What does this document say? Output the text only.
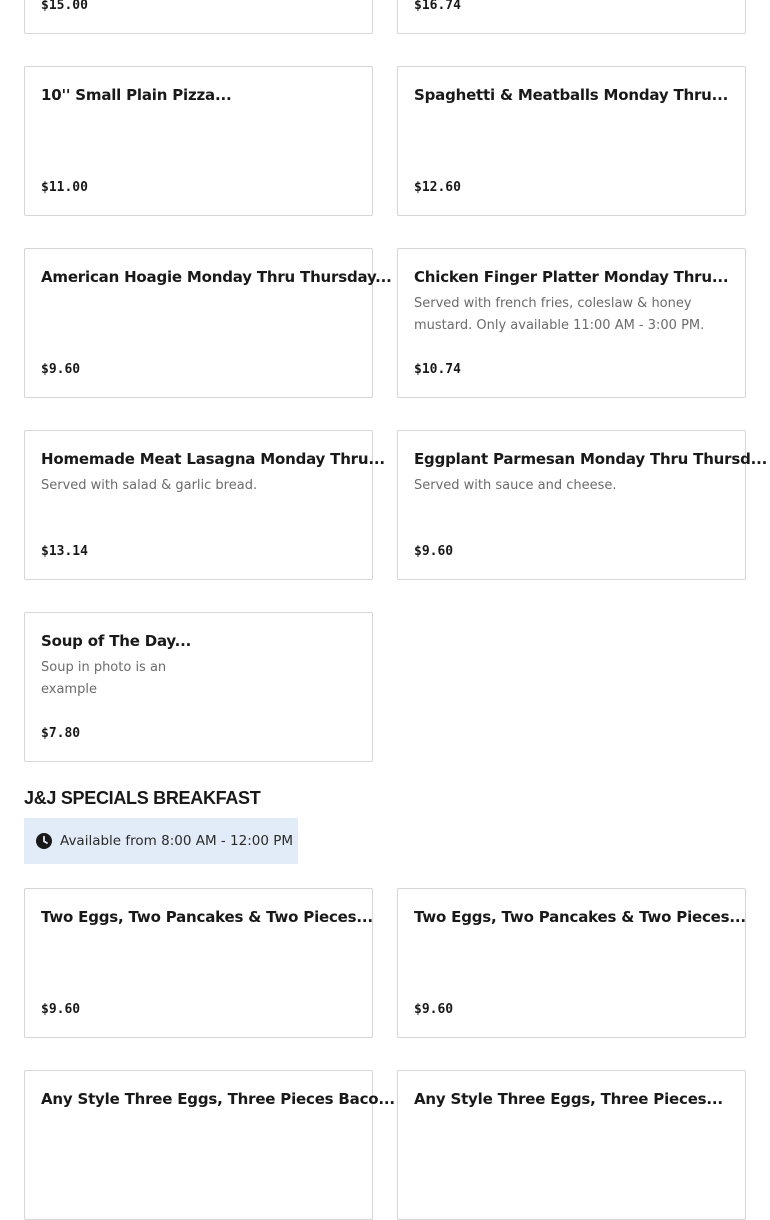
$15.00	$16.74
10'' Small Plain Pizza...
$11.00
Spaghetti & Meatballs Monday Thru...
$12.60
American Hoagie Monday Thru Thursday...
$9.60
Chicken Finger Platter Monday Thru...
Served with french fries, coleslaw & honey mustard. Only available 11:00 AM - 3:00 PM.
$10.74
Homemade Meat Lasagna Monday Thru...
Served with salad & garlic bread.
$13.14
Eggplant Parmesan Monday Thru Thursd...
Served with sauce and cheese.
$9.60
Soup of The Day...
Soup in photo is an example
$7.80
J&J SPECIALS BREAKFAST
Available from 8:00 AM - 12:00 PM
Two Eggs, Two Pancakes & Two Pieces...
$9.60
Two Eggs, Two Pancakes & Two Pieces...
$9.60
Any Style Three Eggs, Three Pieces Baco... Any Style Three Eggs, Three Pieces...
